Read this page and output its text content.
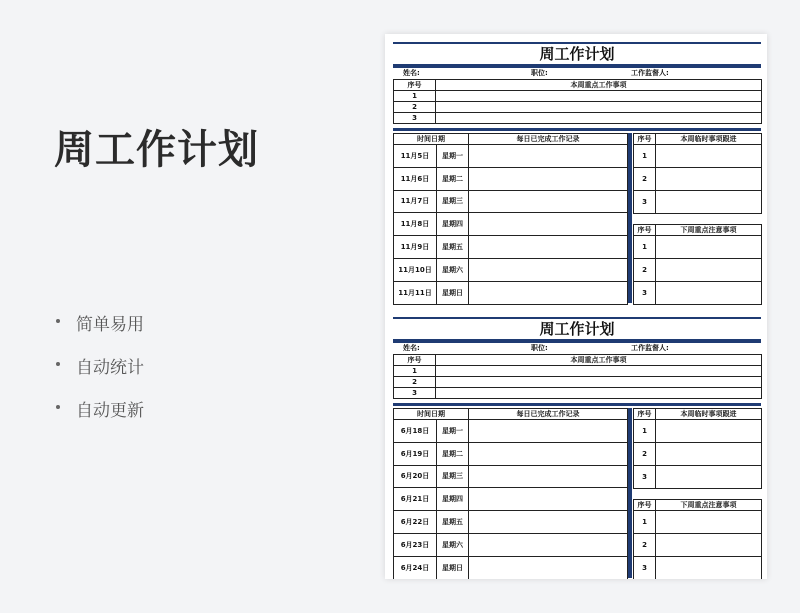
周工作计划
简单易用
自动统计
自动更新
周工作计划
姓名:	职位:	工作监督人:
序号	本周重点工作事项
1	
2	
3	
时间日期		每日已完成工作记录
11月5日	星期一	
11月6日	星期二	
11月7日	星期三	
11月8日	星期四	
11月9日	星期五	
11月10日	星期六	
11月11日	星期日	
序号	本周临时事项跟进
1	
2	
3	
序号	下周重点注意事项
1	
2	
3	
周工作计划
姓名:	职位:	工作监督人:
序号	本周重点工作事项
1	
2	
3	
时间日期		每日已完成工作记录
6月18日	星期一	
6月19日	星期二	
6月20日	星期三	
6月21日	星期四	
6月22日	星期五	
6月23日	星期六	
6月24日	星期日	
序号	本周临时事项跟进
1	
2	
3	
序号	下周重点注意事项
1	
2	
3	
